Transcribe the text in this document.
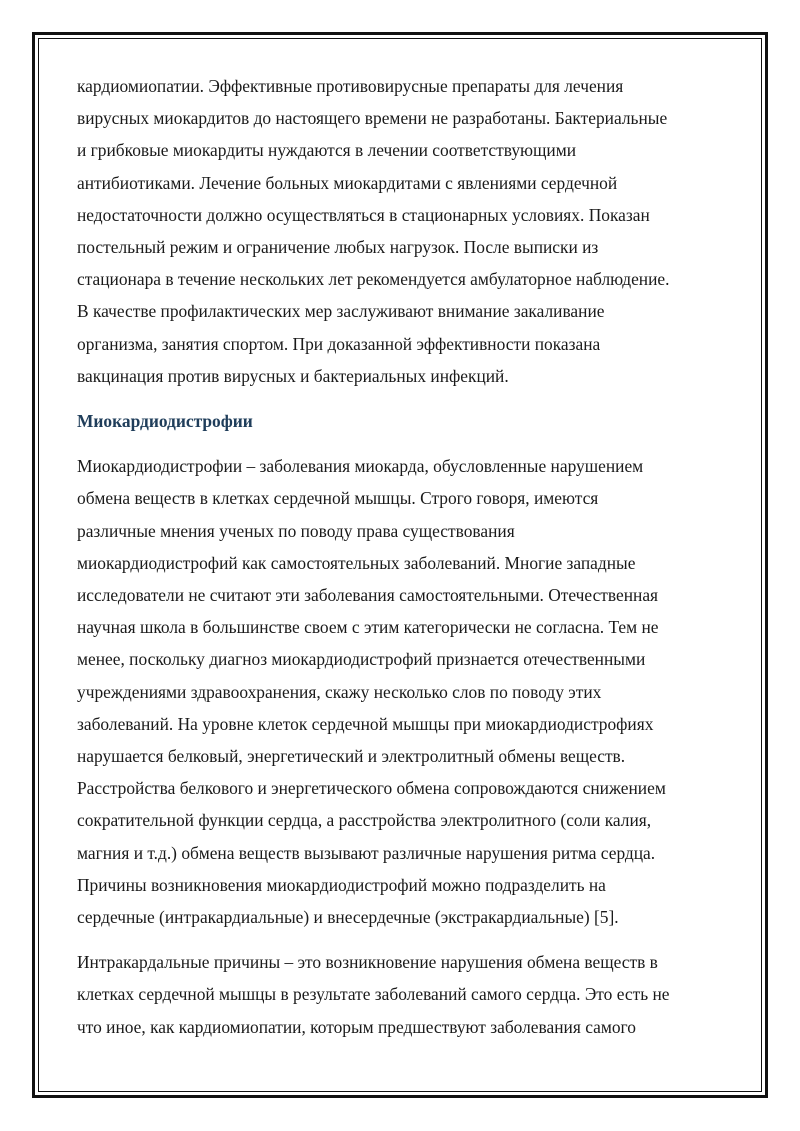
кардиомиопатии. Эффективные противовирусные препараты для лечения
вирусных миокардитов до настоящего времени не разработаны. Бактериальные
и грибковые миокардиты нуждаются в лечении соответствующими
антибиотиками. Лечение больных миокардитами с явлениями сердечной
недостаточности должно осуществляться в стационарных условиях. Показан
постельный режим и ограничение любых нагрузок. После выписки из
стационара в течение нескольких лет рекомендуется амбулаторное наблюдение.
В качестве профилактических мер заслуживают внимание закаливание
организма, занятия спортом. При доказанной эффективности показана
вакцинация против вирусных и бактериальных инфекций.
Миокардиодистрофии
Миокардиодистрофии – заболевания миокарда, обусловленные нарушением
обмена веществ в клетках сердечной мышцы. Строго говоря, имеются
различные мнения ученых по поводу права существования
миокардиодистрофий как самостоятельных заболеваний. Многие западные
исследователи не считают эти заболевания самостоятельными. Отечественная
научная школа в большинстве своем с этим категорически не согласна. Тем не
менее, поскольку диагноз миокардиодистрофий признается отечественными
учреждениями здравоохранения, скажу несколько слов по поводу этих
заболеваний. На уровне клеток сердечной мышцы при миокардиодистрофиях
нарушается белковый, энергетический и электролитный обмены веществ.
Расстройства белкового и энергетического обмена сопровождаются снижением
сократительной функции сердца, а расстройства электролитного (соли калия,
магния и т.д.) обмена веществ вызывают различные нарушения ритма сердца.
Причины возникновения миокардиодистрофий можно подразделить на
сердечные (интракардиальные) и внесердечные (экстракардиальные) [5].
Интракардальные причины – это возникновение нарушения обмена веществ в
клетках сердечной мышцы в результате заболеваний самого сердца. Это есть не
что иное, как кардиомиопатии, которым предшествуют заболевания самого
